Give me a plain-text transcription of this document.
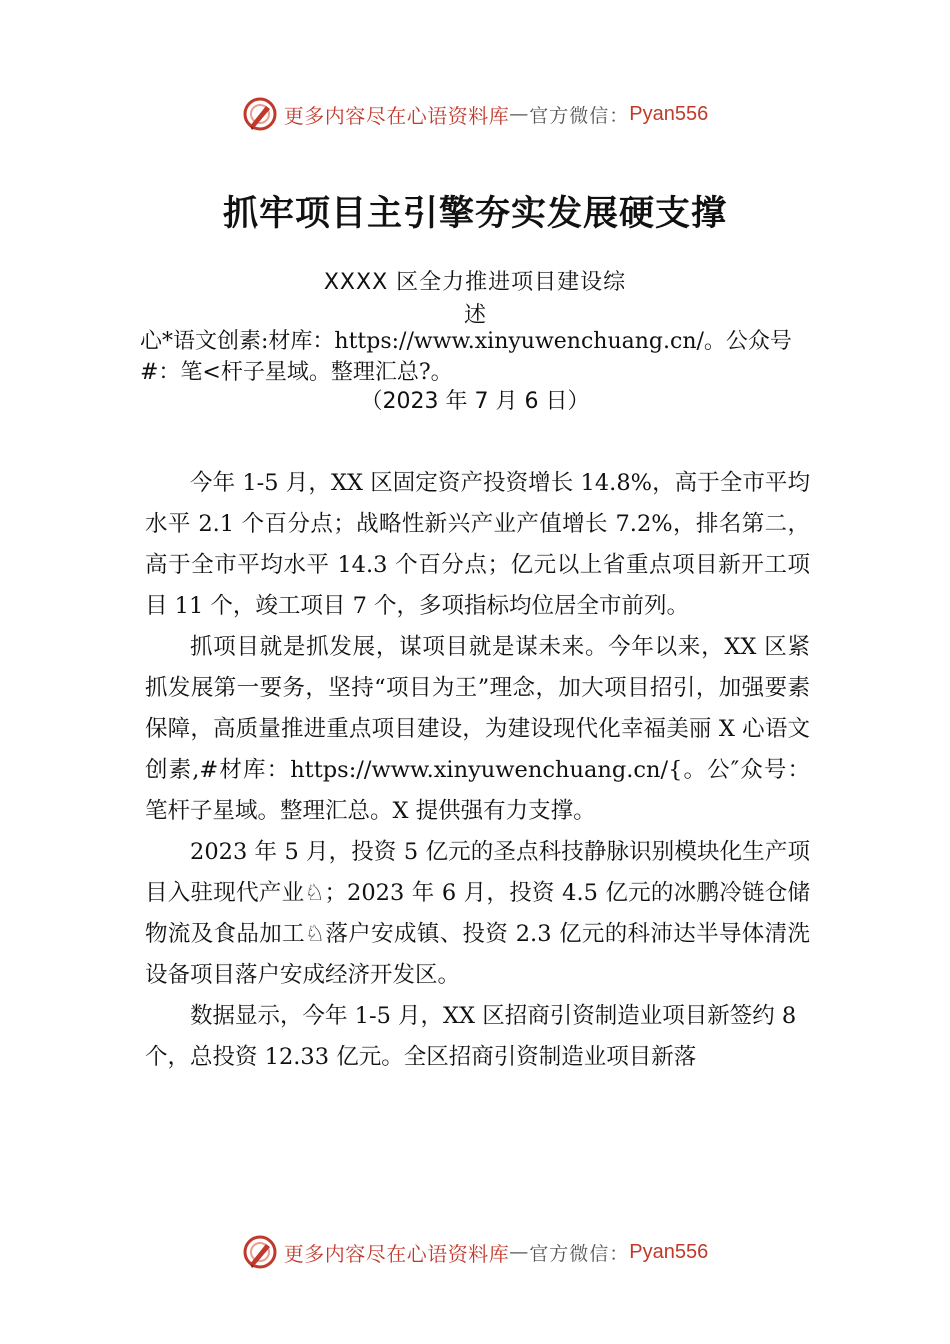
更多内容尽在心语资料库 — 官方微信： Pyan556
抓牢项目主引擎夯实发展硬支撑
XXXX 区全力推进项目建设综
述
心*语文创素:材库：https://www.xinyuwenchuang.cn/。公众号#：笔<杆子星域。整理汇总?。
（2023 年 7 月 6 日）

今年 1-5 月，XX 区固定资产投资增长 14.8%，高于全市平均水平 2.1 个百分点；战略性新兴产业产值增长 7.2%，排名第二，高于全市平均水平 14.3 个百分点；亿元以上省重点项目新开工项目 11 个，竣工项目 7 个，多项指标均位居全市前列。

抓项目就是抓发展，谋项目就是谋未来。今年以来，XX 区紧抓发展第一要务，坚持“项目为王”理念，加大项目招引，加强要素保障，高质量推进重点项目建设，为建设现代化幸福美丽 X 心语文创素,#材库：https://www.xinyuwenchuang.cn/{。公″众号：笔杆子星域。整理汇总。X 提供强有力支撑。

2023 年 5 月，投资 5 亿元的圣点科技静脉识别模块化生产项目入驻现代产业♘；2023 年 6 月，投资 4.5 亿元的冰鹏冷链仓储物流及食品加工♘落户安成镇、投资 2.3 亿元的科沛达半导体清洗设备项目落户安成经济开发区。

数据显示，今年 1-5 月，XX 区招商引资制造业项目新签约 8 个，总投资 12.33 亿元。全区招商引资制造业项目新落

更多内容尽在心语资料库 — 官方微信： Pyan556
